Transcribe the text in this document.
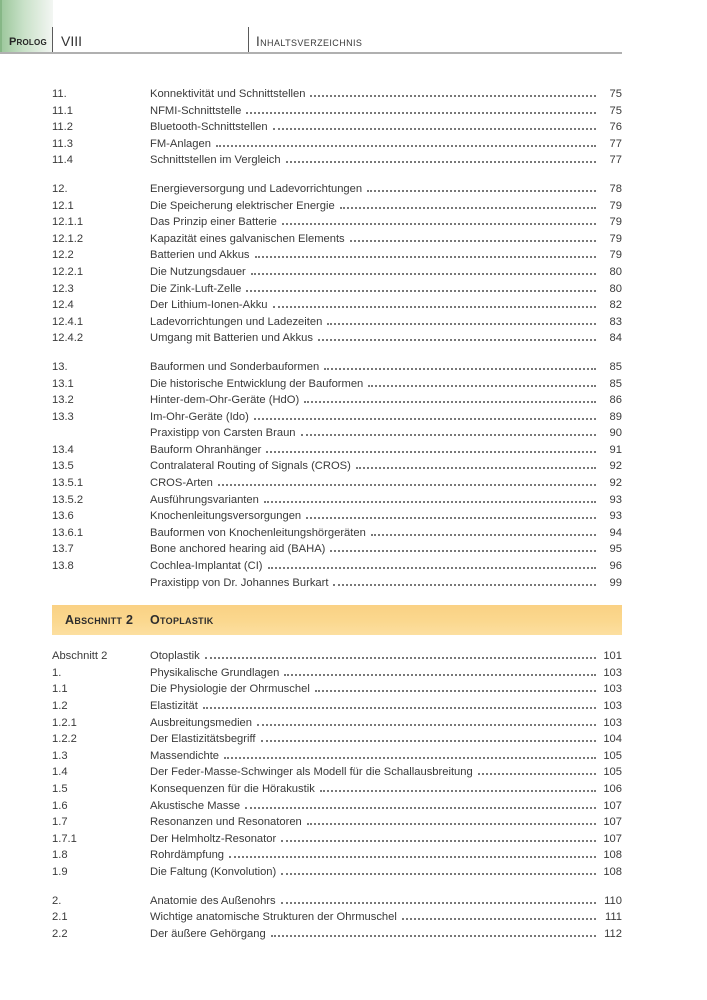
Prolog VIII	Inhaltsverzeichnis
11.	Konnektivität und Schnittstellen	75
11.1	NFMI-Schnittstelle	75
11.2	Bluetooth-Schnittstellen	76
11.3	FM-Anlagen	77
11.4	Schnittstellen im Vergleich	77
12.	Energieversorgung und Ladevorrichtungen	78
12.1	Die Speicherung elektrischer Energie	79
12.1.1	Das Prinzip einer Batterie	79
12.1.2	Kapazität eines galvanischen Elements	79
12.2	Batterien und Akkus	79
12.2.1	Die Nutzungsdauer	80
12.3	Die Zink-Luft-Zelle	80
12.4	Der Lithium-Ionen-Akku	82
12.4.1	Ladevorrichtungen und Ladezeiten	83
12.4.2	Umgang mit Batterien und Akkus	84
13.	Bauformen und Sonderbauformen	85
13.1	Die historische Entwicklung der Bauformen	85
13.2	Hinter-dem-Ohr-Geräte (HdO)	86
13.3	Im-Ohr-Geräte (Ido)	89
Praxistipp von Carsten Braun	90
13.4	Bauform Ohranhänger	91
13.5	Contralateral Routing of Signals (CROS)	92
13.5.1	CROS-Arten	92
13.5.2	Ausführungsvarianten	93
13.6	Knochenleitungsversorgungen	93
13.6.1	Bauformen von Knochenleitungshörgeräten	94
13.7	Bone anchored hearing aid (BAHA)	95
13.8	Cochlea-Implantat (CI)	96
Praxistipp von Dr. Johannes Burkart	99
Abschnitt 2	Otoplastik
Abschnitt 2	Otoplastik	101
1.	Physikalische Grundlagen	103
1.1	Die Physiologie der Ohrmuschel	103
1.2	Elastizität	103
1.2.1	Ausbreitungsmedien	103
1.2.2	Der Elastizitätsbegriff	104
1.3	Massendichte	105
1.4	Der Feder-Masse-Schwinger als Modell für die Schallausbreitung	105
1.5	Konsequenzen für die Hörakustik	106
1.6	Akustische Masse	107
1.7	Resonanzen und Resonatoren	107
1.7.1	Der Helmholtz-Resonator	107
1.8	Rohrdämpfung	108
1.9	Die Faltung (Konvolution)	108
2.	Anatomie des Außenohrs	110
2.1	Wichtige anatomische Strukturen der Ohrmuschel	111
2.2	Der äußere Gehörgang	112
